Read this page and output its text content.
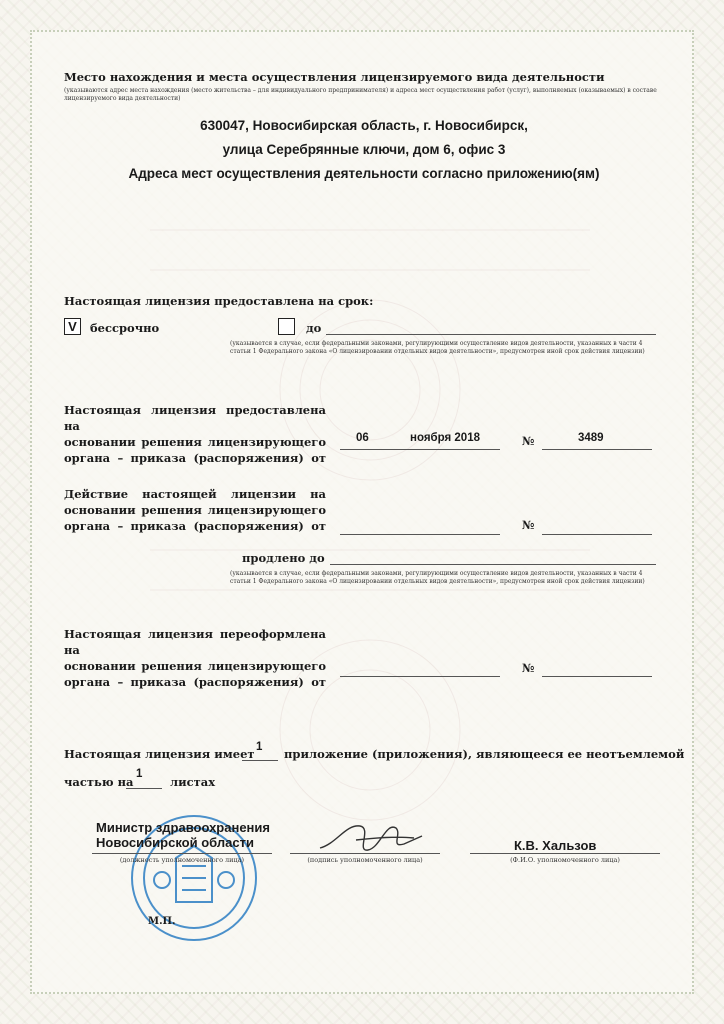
Место нахождения и места осуществления лицензируемого вида деятельности
(указываются адрес места нахождения (место жительства – для индивидуального предпринимателя) и адреса мест осуществления работ (услуг), выполняемых (оказываемых) в составе лицензируемого вида деятельности)
630047, Новосибирская область, г. Новосибирск,
улица Серебрянные ключи, дом 6, офис 3
Адреса мест осуществления деятельности согласно приложению(ям)
Настоящая лицензия предоставлена на срок:
V	бессрочно	до
(указывается в случае, если федеральными законами, регулирующими осуществление видов деятельности, указанных в части 4 статьи 1 Федерального закона «О лицензировании отдельных видов деятельности», предусмотрен иной срок действия лицензии)
Настоящая лицензия предоставлена на
основании решения лицензирующего
органа – приказа (распоряжения) от
06	ноября 2018	№	3489
Действие настоящей лицензии на
основании решения лицензирующего
органа – приказа (распоряжения) от	№
продлено до
(указывается в случае, если федеральными законами, регулирующими осуществление видов деятельности, указанных в части 4 статьи 1 Федерального закона «О лицензировании отдельных видов деятельности», предусмотрен иной срок действия лицензии)
Настоящая лицензия переоформлена на
основании решения лицензирующего
органа – приказа (распоряжения) от
№
Настоящая лицензия имеет 1 приложение (приложения), являющееся ее неотъемлемой
частью на
1
листах
Министр здравоохранения
Новосибирской области	К.В. Хальзов
(должность уполномоченного лица)	(подпись уполномоченного лица)	(Ф.И.О. уполномоченного лица)
М.П.
